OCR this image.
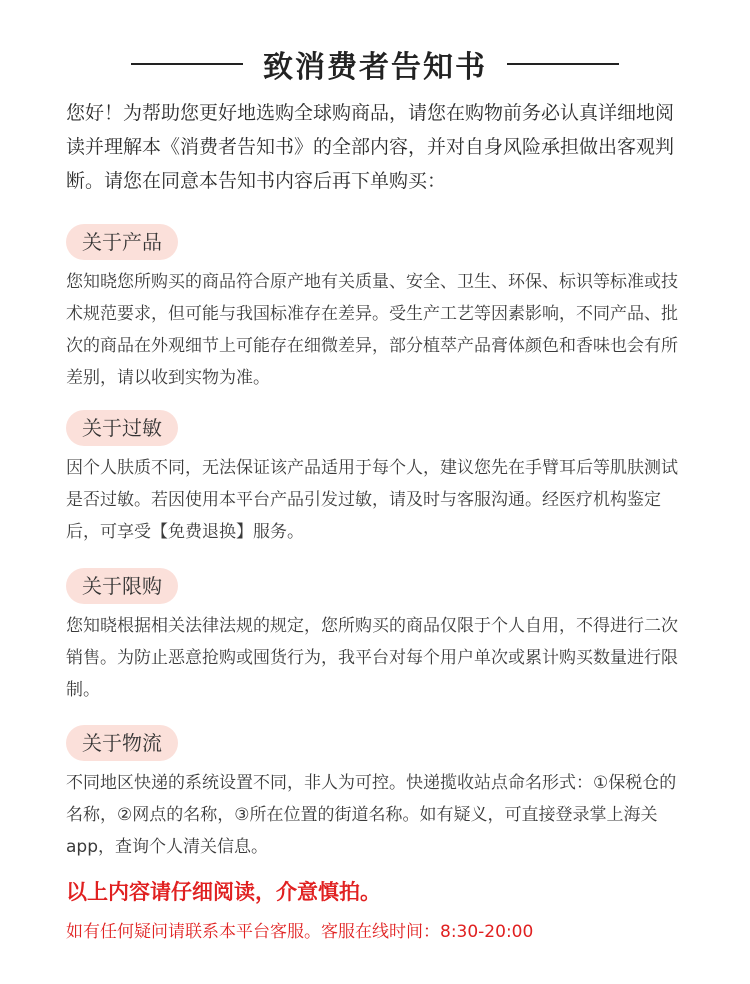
致消费者告知书

您好！为帮助您更好地选购全球购商品，请您在购物前务必认真详细地阅读并理解本《消费者告知书》的全部内容，并对自身风险承担做出客观判断。请您在同意本告知书内容后再下单购买：

关于产品

您知晓您所购买的商品符合原产地有关质量、安全、卫生、环保、标识等标准或技术规范要求，但可能与我国标准存在差异。受生产工艺等因素影响，不同产品、批次的商品在外观细节上可能存在细微差异，部分植萃产品膏体颜色和香味也会有所差别，请以收到实物为准。

关于过敏

因个人肤质不同，无法保证该产品适用于每个人，建议您先在手臂耳后等肌肤测试是否过敏。若因使用本平台产品引发过敏，请及时与客服沟通。经医疗机构鉴定后，可享受【免费退换】服务。

关于限购

您知晓根据相关法律法规的规定，您所购买的商品仅限于个人自用，不得进行二次销售。为防止恶意抢购或囤货行为，我平台对每个用户单次或累计购买数量进行限制。

关于物流

不同地区快递的系统设置不同，非人为可控。快递揽收站点命名形式：①保税仓的名称，②网点的名称，③所在位置的街道名称。如有疑义，可直接登录掌上海关app，查询个人清关信息。

以上内容请仔细阅读，介意慎拍。

如有任何疑问请联系本平台客服。客服在线时间：8:30-20:00
